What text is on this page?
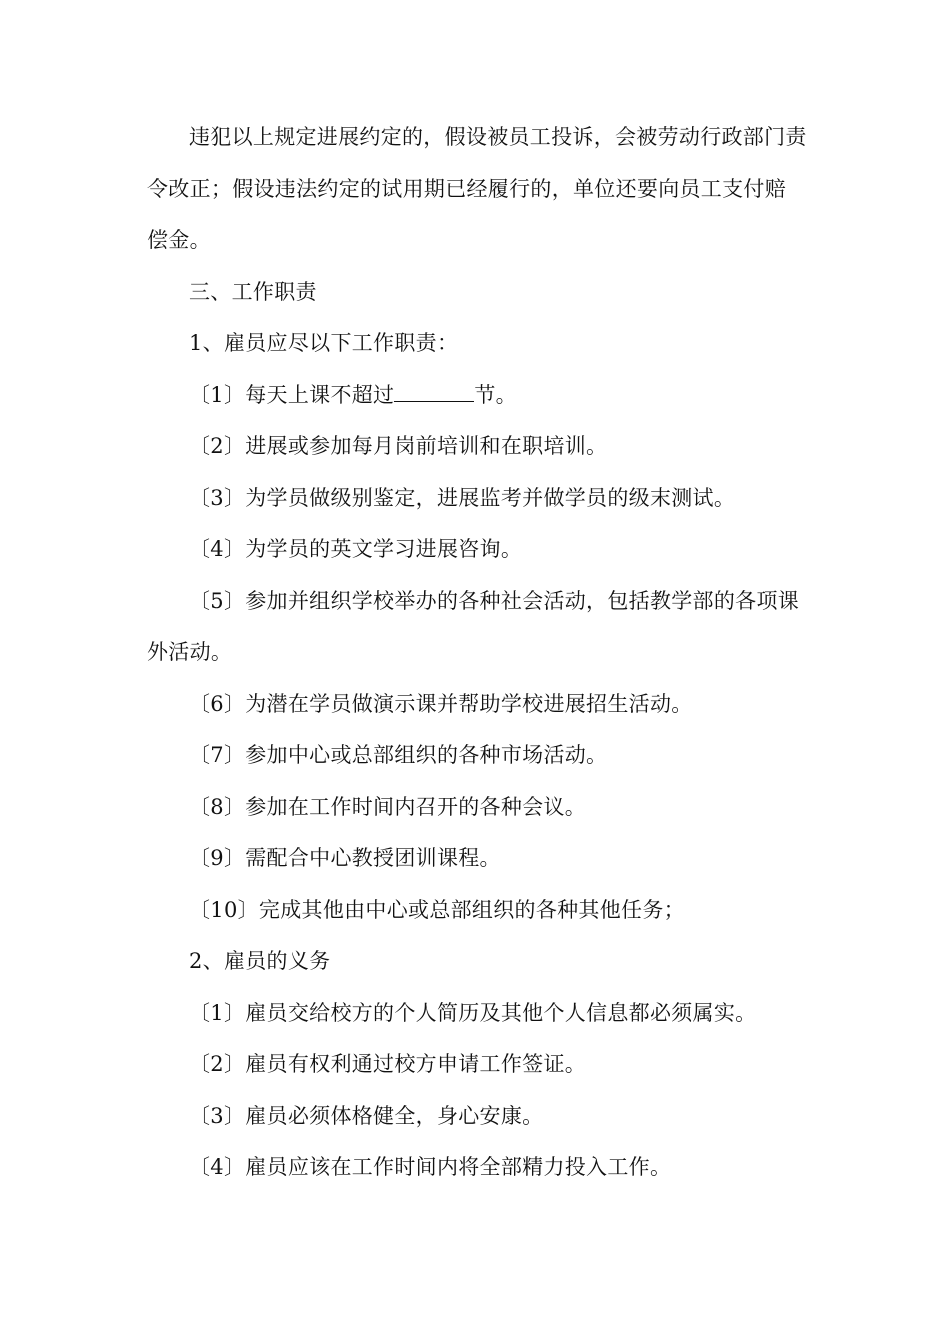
违犯以上规定进展约定的，假设被员工投诉，会被劳动行政部门责令改正；假设违法约定的试用期已经履行的，单位还要向员工支付赔偿金。

三、工作职责

1、雇员应尽以下工作职责：

〔1〕每天上课不超过	节。

〔2〕进展或参加每月岗前培训和在职培训。

〔3〕为学员做级别鉴定，进展监考并做学员的级末测试。

〔4〕为学员的英文学习进展咨询。

〔5〕参加并组织学校举办的各种社会活动，包括教学部的各项课外活动。

〔6〕为潜在学员做演示课并帮助学校进展招生活动。

〔7〕参加中心或总部组织的各种市场活动。

〔8〕参加在工作时间内召开的各种会议。

〔9〕需配合中心教授团训课程。

〔10〕完成其他由中心或总部组织的各种其他任务；

2、雇员的义务

〔1〕雇员交给校方的个人简历及其他个人信息都必须属实。

〔2〕雇员有权利通过校方申请工作签证。

〔3〕雇员必须体格健全，身心安康。

〔4〕雇员应该在工作时间内将全部精力投入工作。
